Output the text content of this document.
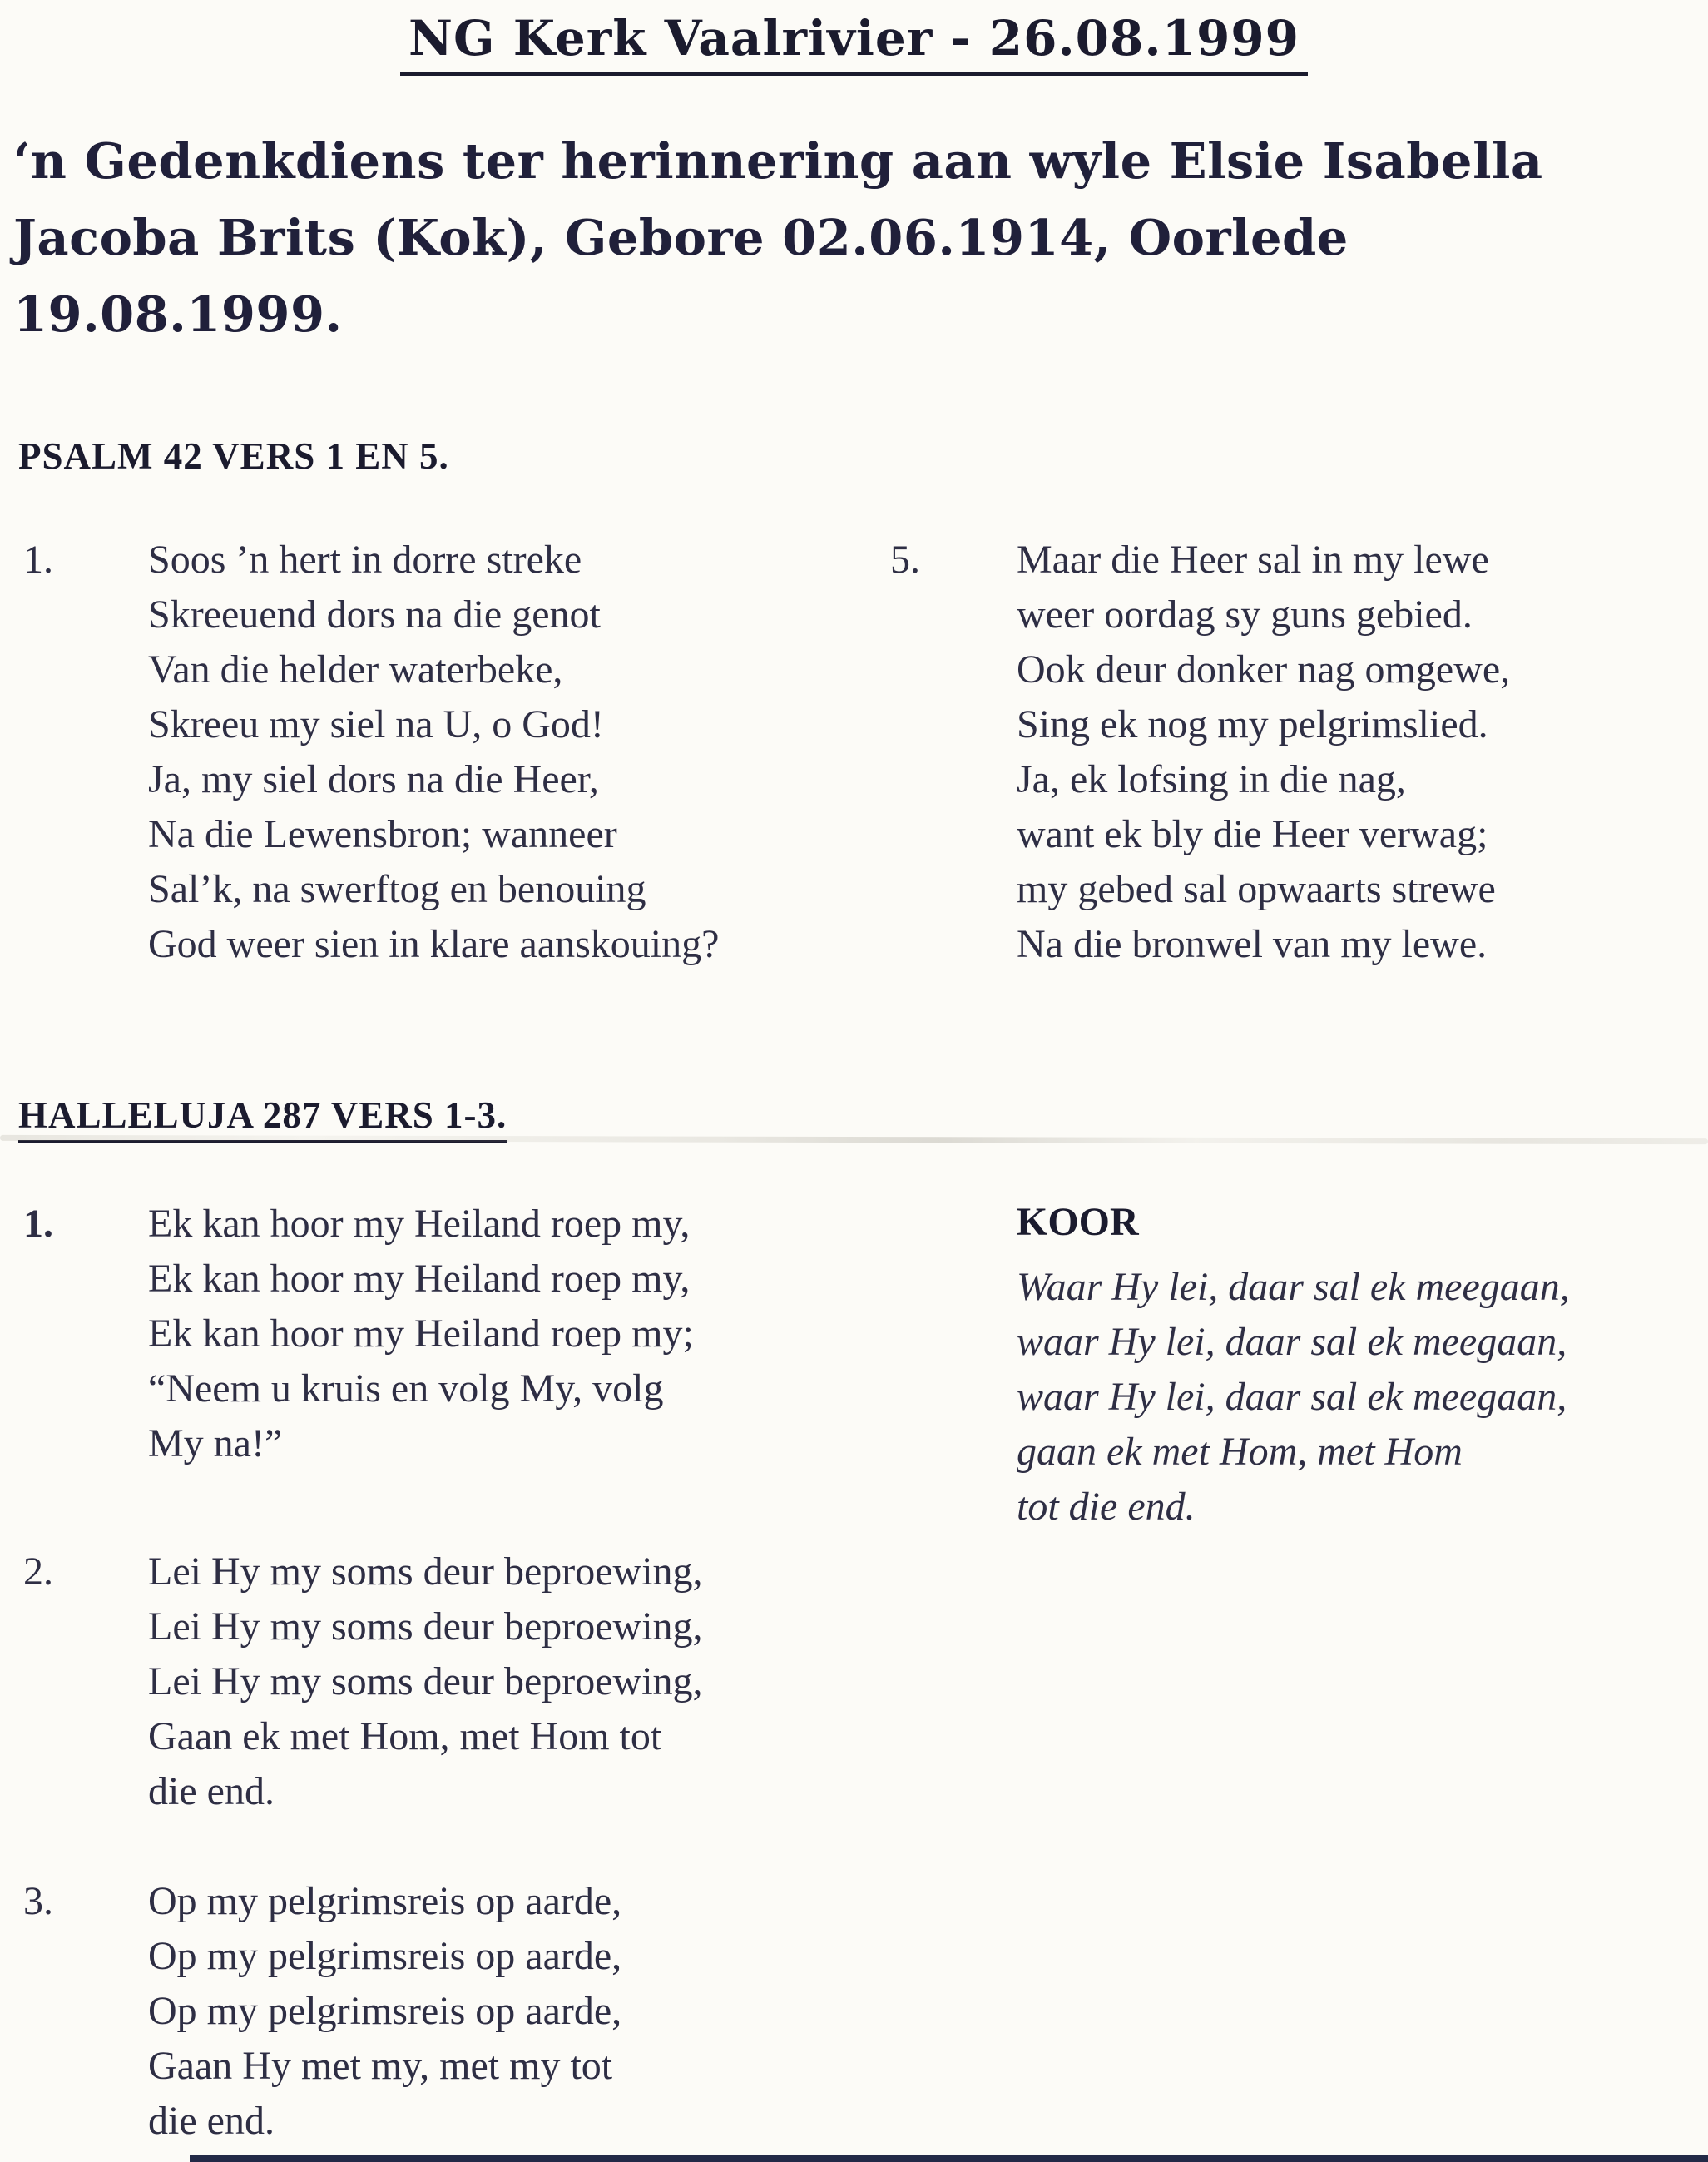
NG Kerk Vaalrivier - 26.08.1999
‘n Gedenkdiens ter herinnering aan wyle Elsie Isabella
Jacoba Brits (Kok), Gebore 02.06.1914, Oorlede
19.08.1999.
PSALM 42 VERS 1 EN 5.
1.	Soos ’n hert in dorre streke
Skreeuend dors na die genot
Van die helder waterbeke,
Skreeu my siel na U, o God!
Ja, my siel dors na die Heer,
Na die Lewensbron; wanneer
Sal’k, na swerftog en benouing
God weer sien in klare aanskouing?
5.	Maar die Heer sal in my lewe
weer oordag sy guns gebied.
Ook deur donker nag omgewe,
Sing ek nog my pelgrimslied.
Ja, ek lofsing in die nag,
want ek bly die Heer verwag;
my gebed sal opwaarts strewe
Na die bronwel van my lewe.
HALLELUJA 287 VERS 1-3.
1.	Ek kan hoor my Heiland roep my,
Ek kan hoor my Heiland roep my,
Ek kan hoor my Heiland roep my;
“Neem u kruis en volg My, volg
My na!”
KOOR
Waar Hy lei, daar sal ek meegaan,
waar Hy lei, daar sal ek meegaan,
waar Hy lei, daar sal ek meegaan,
gaan ek met Hom, met Hom
tot die end.
2.	Lei Hy my soms deur beproewing,
Lei Hy my soms deur beproewing,
Lei Hy my soms deur beproewing,
Gaan ek met Hom, met Hom tot
die end.
3.	Op my pelgrimsreis op aarde,
Op my pelgrimsreis op aarde,
Op my pelgrimsreis op aarde,
Gaan Hy met my, met my tot
die end.
